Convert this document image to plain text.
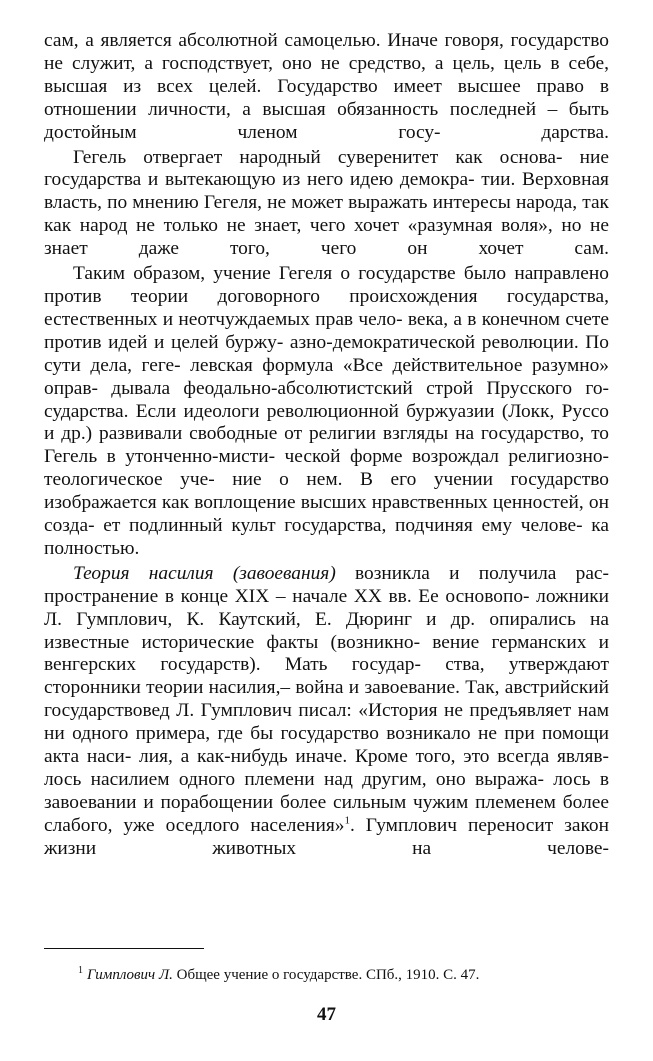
сам, а является абсолютной самоцелью. Иначе говоря, государство не служит, а господствует, оно не средство, а цель, цель в себе, высшая из всех целей. Государство имеет высшее право в отношении личности, а высшая обязанность последней – быть достойным членом госу-	дарства.

Гегель отвергает народный суверенитет как основа- ние государства и вытекающую из него идею демокра- тии. Верховная власть, по мнению Гегеля, не может выражать интересы народа, так как народ не только не знает, чего хочет «разумная воля», но не знает даже	того, чего он хочет сам.

Таким образом, учение Гегеля о государстве было направлено против теории договорного происхождения государства, естественных и неотчуждаемых прав чело- века, а в конечном счете против идей и целей буржу- азно-демократической революции. По сути дела, геге- левская формула «Все действительное разумно» оправ- дывала феодально-абсолютистский строй Прусского го- сударства. Если идеологи революционной буржуазии (Локк, Руссо и др.) развивали свободные от религии взгляды на государство, то Гегель в утонченно-мисти- ческой форме возрождал религиозно-теологическое уче- ние о нем. В его учении государство изображается как воплощение высших нравственных ценностей, он созда- ет подлинный культ государства, подчиняя ему челове- ка полностью.

Теория насилия (завоевания) возникла и получила рас- пространение в конце XIX – начале XX вв. Ее основопо- ложники Л. Гумплович, К. Каутский, Е. Дюринг и др. опирались на известные исторические факты (возникно- вение германских и венгерских государств). Мать государ- ства, утверждают сторонники теории насилия,– война и завоевание. Так, австрийский государствовед Л. Гумплович писал: «История не предъявляет нам ни одного примера, где бы государство возникало не при помощи акта наси- лия, а как-нибудь иначе. Кроме того, это всегда являв- лось насилием одного племени над другим, оно выража- лось в завоевании и порабощении более сильным чужим племенем более слабого, уже оседлого населения»$^1$. Гумплович переносит закон жизни животных на челове-

$^1$ Гимплович Л. Общее учение о государстве. СПб., 1910. С. 47.
47
